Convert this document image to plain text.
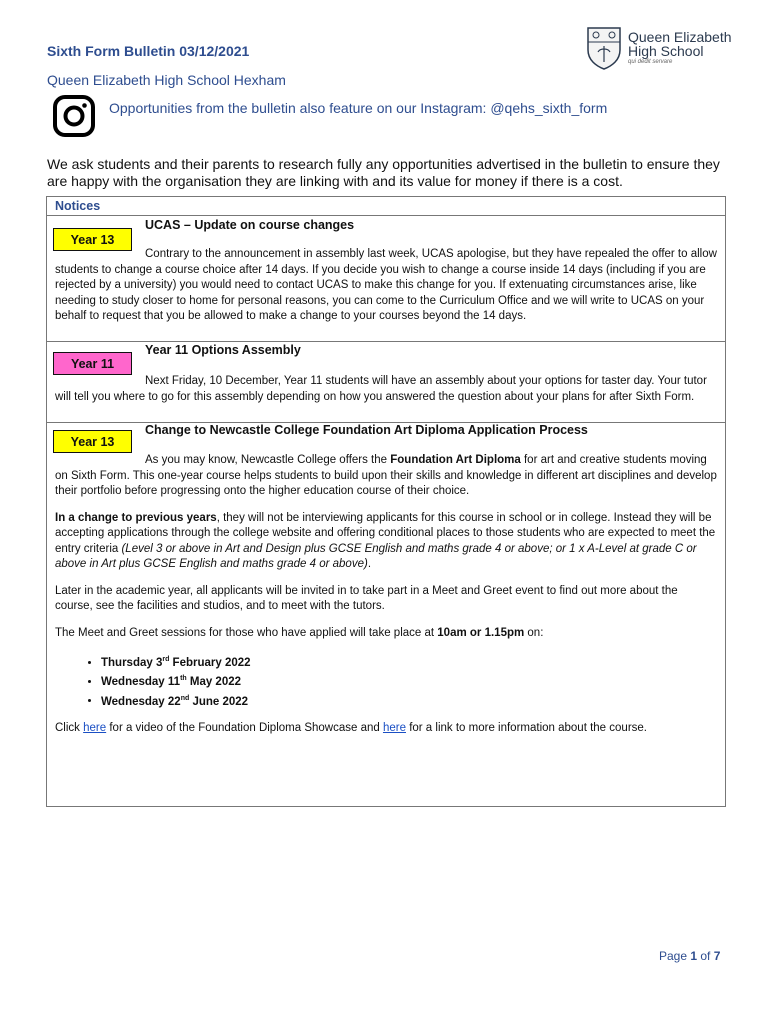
Sixth Form Bulletin 03/12/2021
Queen Elizabeth High School Hexham
Queen Elizabeth
High School
qui dedit servare
Opportunities from the bulletin also feature on our Instagram: @qehs_sixth_form
We ask students and their parents to research fully any opportunities advertised in the bulletin to ensure they are happy with the organisation they are linking with and its value for money if there is a cost.
Notices
Year 13
UCAS – Update on course changes
Contrary to the announcement in assembly last week, UCAS apologise, but they have repealed the offer to allow students to change a course choice after 14 days. If you decide you wish to change a course inside 14 days (including if you are rejected by a university) you would need to contact UCAS to make this change for you. If extenuating circumstances arise, like needing to study closer to home for personal reasons, you can come to the Curriculum Office and we will write to UCAS on your behalf to request that you be allowed to make a change to your courses beyond the 14 days.
Year 11
Year 11 Options Assembly
Next Friday, 10 December, Year 11 students will have an assembly about your options for taster day. Your tutor will tell you where to go for this assembly depending on how you answered the question about your plans for after Sixth Form.
Year 13
Change to Newcastle College Foundation Art Diploma Application Process

As you may know, Newcastle College offers the Foundation Art Diploma for art and creative students moving on Sixth Form. This one-year course helps students to build upon their skills and knowledge in different art disciplines and develop their portfolio before progressing onto the higher education course of their choice.

In a change to previous years, they will not be interviewing applicants for this course in school or in college. Instead they will be accepting applications through the college website and offering conditional places to those students who are expected to meet the entry criteria (Level 3 or above in Art and Design plus GCSE English and maths grade 4 or above; or 1 x A-Level at grade C or above in Art plus GCSE English and maths grade 4 or above).

Later in the academic year, all applicants will be invited in to take part in a Meet and Greet event to find out more about the course, see the facilities and studios, and to meet with the tutors.

The Meet and Greet sessions for those who have applied will take place at 10am or 1.15pm on:

• Thursday 3rd February 2022
• Wednesday 11th May 2022
• Wednesday 22nd June 2022

Click here for a video of the Foundation Diploma Showcase and here for a link to more information about the course.

Page 1 of 7
